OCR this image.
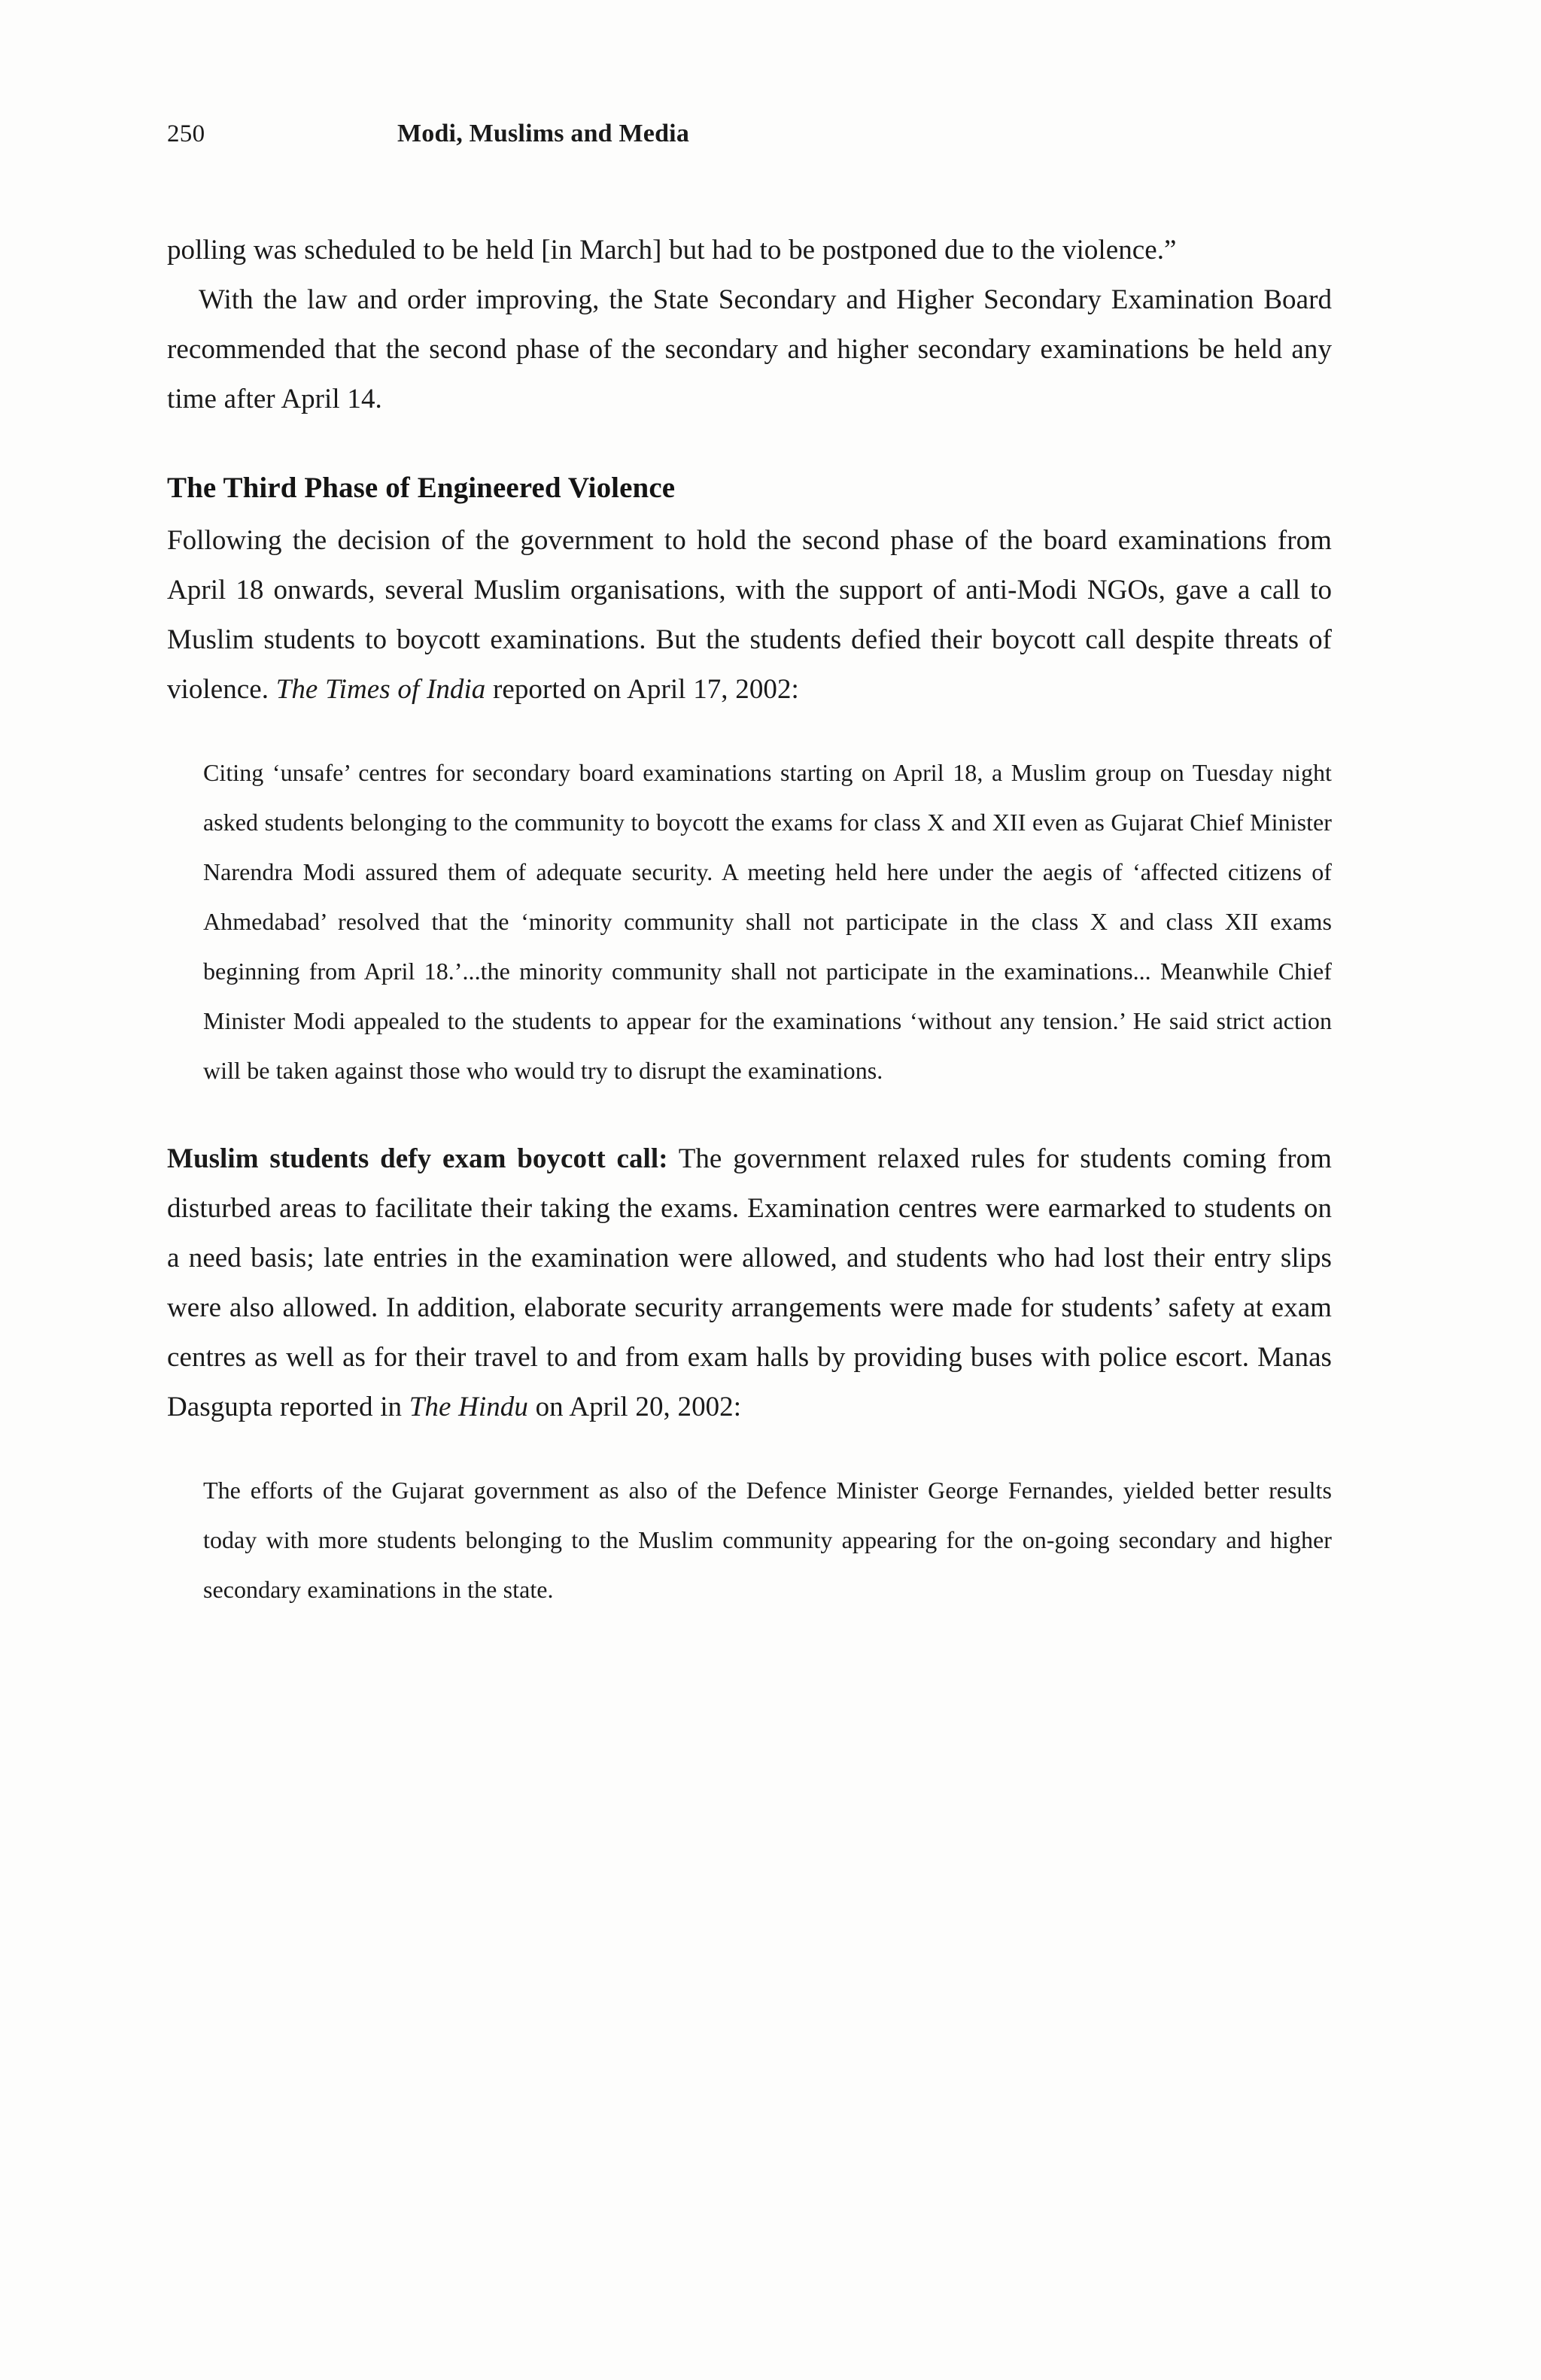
250	Modi, Muslims and Media

polling was scheduled to be held [in March] but had to be postponed due to the violence.”

With the law and order improving, the State Secondary and Higher Secondary Examination Board recommended that the second phase of the secondary and higher secondary examinations be held any time after April 14.

The Third Phase of Engineered Violence

Following the decision of the government to hold the second phase of the board examinations from April 18 onwards, several Muslim organisations, with the support of anti-Modi NGOs, gave a call to Muslim students to boycott examinations. But the students defied their boycott call despite threats of violence. The Times of India reported on April 17, 2002:

Citing ‘unsafe’ centres for secondary board examinations starting on April 18, a Muslim group on Tuesday night asked students belonging to the community to boycott the exams for class X and XII even as Gujarat Chief Minister Narendra Modi assured them of adequate security. A meeting held here under the aegis of ‘affected citizens of Ahmedabad’ resolved that the ‘minority community shall not participate in the class X and class XII exams beginning from April 18.’...the minority community shall not participate in the examinations... Meanwhile Chief Minister Modi appealed to the students to appear for the examinations ‘without any tension.’ He said strict action will be taken against those who would try to disrupt the examinations.

Muslim students defy exam boycott call: The government relaxed rules for students coming from disturbed areas to facilitate their taking the exams. Examination centres were earmarked to students on a need basis; late entries in the examination were allowed, and students who had lost their entry slips were also allowed. In addition, elaborate security arrangements were made for students’ safety at exam centres as well as for their travel to and from exam halls by providing buses with police escort. Manas Dasgupta reported in The Hindu on April 20, 2002:

The efforts of the Gujarat government as also of the Defence Minister George Fernandes, yielded better results today with more students belonging to the Muslim community appearing for the on-going secondary and higher secondary examinations in the state.
